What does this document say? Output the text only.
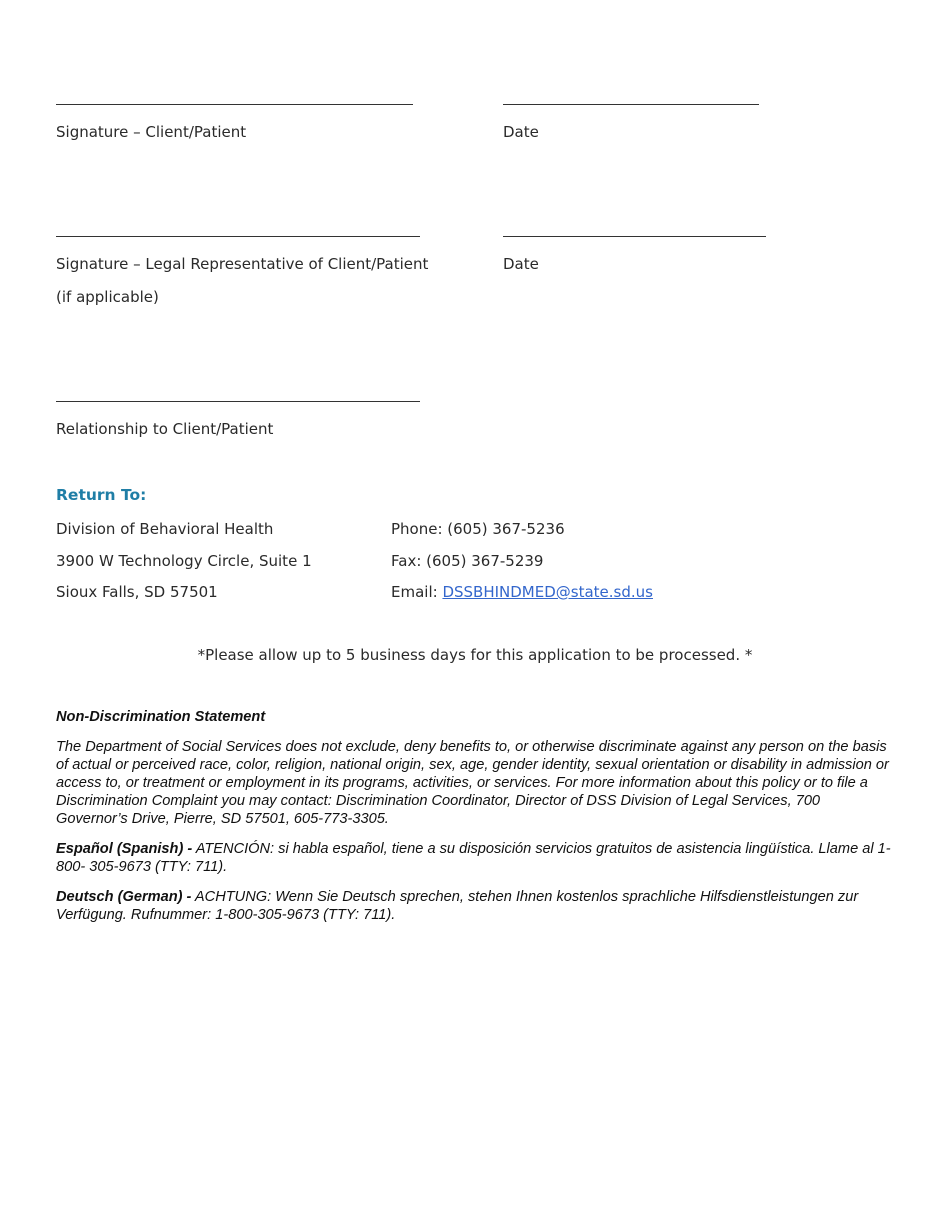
Signature – Client/Patient	Date
Signature – Legal Representative of Client/Patient	Date
(if applicable)
Relationship to Client/Patient
Return To:
Division of Behavioral Health
3900 W Technology Circle, Suite 1
Sioux Falls, SD 57501
Phone: (605) 367-5236
Fax: (605) 367-5239
Email: DSSBHINDMED@state.sd.us
*Please allow up to 5 business days for this application to be processed. *
Non-Discrimination Statement
The Department of Social Services does not exclude, deny benefits to, or otherwise discriminate against any person on the basis of actual or perceived race, color, religion, national origin, sex, age, gender identity, sexual orientation or disability in admission or access to, or treatment or employment in its programs, activities, or services. For more information about this policy or to file a Discrimination Complaint you may contact: Discrimination Coordinator, Director of DSS Division of Legal Services, 700 Governor’s Drive, Pierre, SD 57501, 605-773-3305.
Español (Spanish) - ATENCIÓN: si habla español, tiene a su disposición servicios gratuitos de asistencia lingüística. Llame al 1-800- 305-9673 (TTY: 711).
Deutsch (German) - ACHTUNG: Wenn Sie Deutsch sprechen, stehen Ihnen kostenlos sprachliche Hilfsdienstleistungen zur Verfügung. Rufnummer: 1-800-305-9673 (TTY: 711).
